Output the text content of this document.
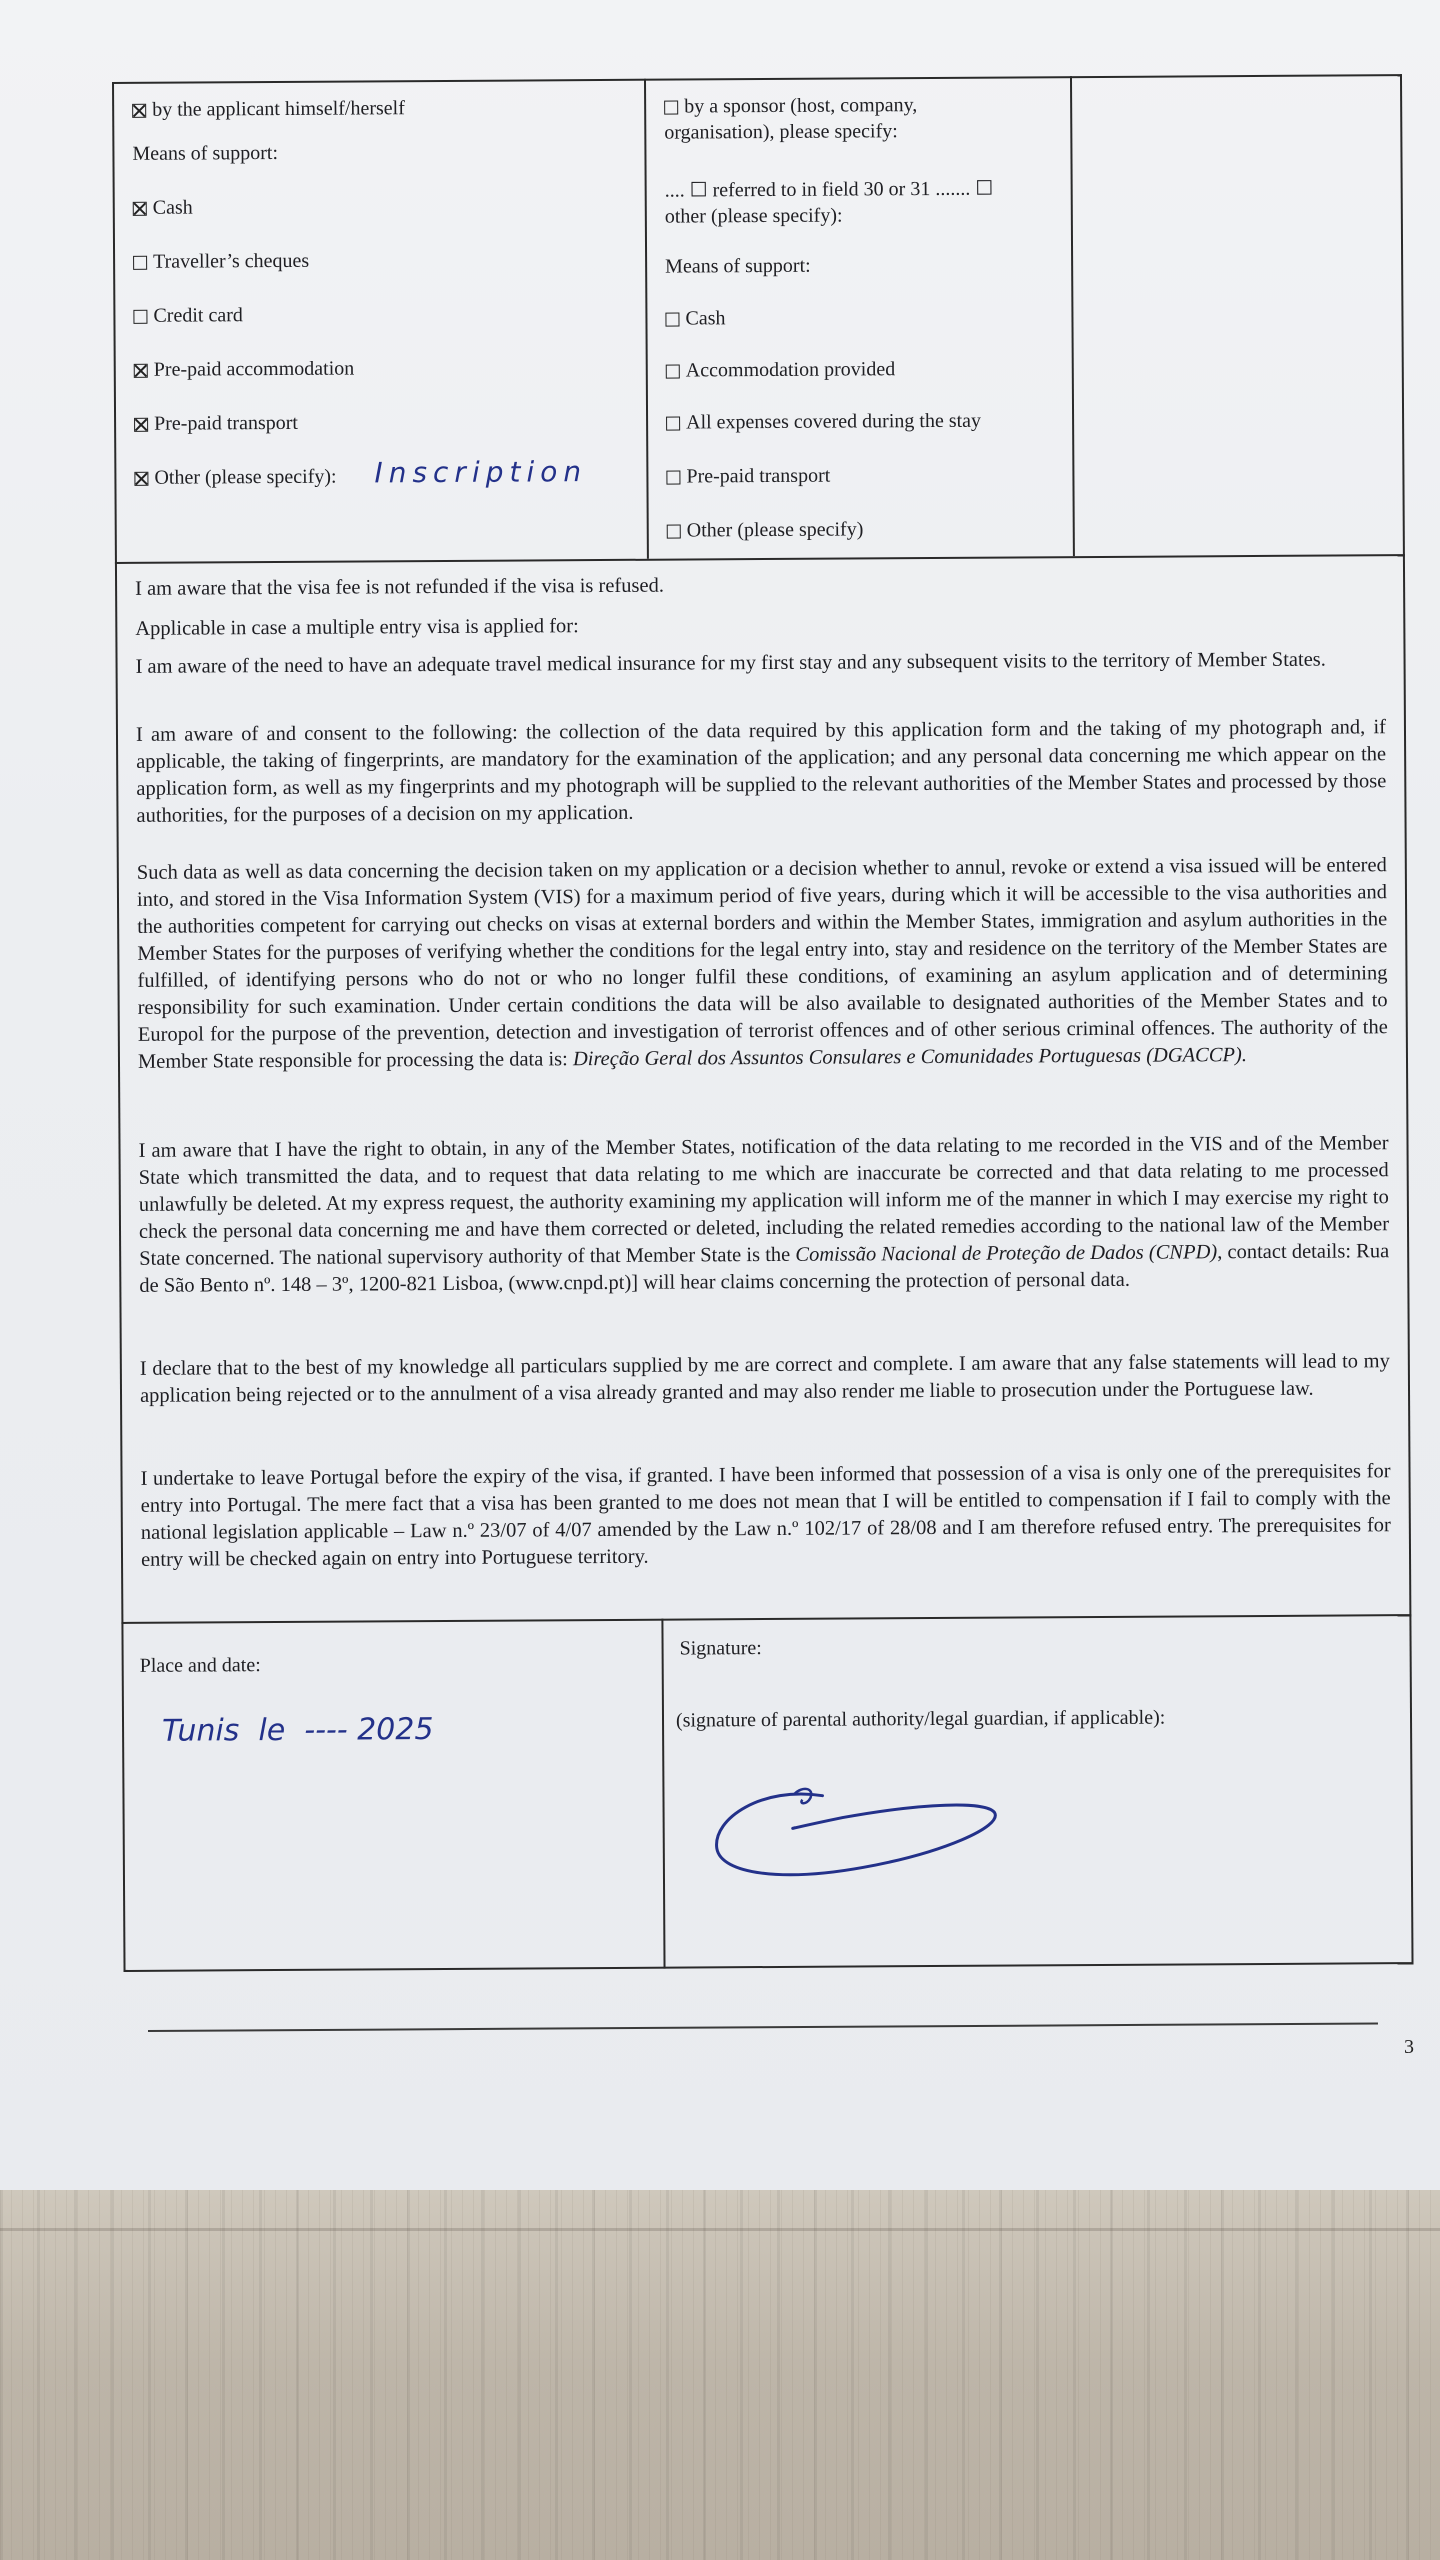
by the applicant himself/herself
Means of support:
Cash
Traveller’s cheques
Credit card
Pre-paid accommodation
Pre-paid transport
Other (please specify): Inscription
by a sponsor (host, company,
organisation), please specify:
.... ☐ referred to in field 30 or 31 ....... ☐
other (please specify):
Means of support:
Cash
Accommodation provided
All expenses covered during the stay
Pre-paid transport
Other (please specify)
I am aware that the visa fee is not refunded if the visa is refused.
Applicable in case a multiple entry visa is applied for:
I am aware of the need to have an adequate travel medical insurance for my first stay and any subsequent visits to the territory of Member States.
I am aware of and consent to the following: the collection of the data required by this application form and the taking of my photograph and, if applicable, the taking of fingerprints, are mandatory for the examination of the application; and any personal data concerning me which appear on the application form, as well as my fingerprints and my photograph will be supplied to the relevant authorities of the Member States and processed by those authorities, for the purposes of a decision on my application.
Such data as well as data concerning the decision taken on my application or a decision whether to annul, revoke or extend a visa issued will be entered into, and stored in the Visa Information System (VIS) for a maximum period of five years, during which it will be accessible to the visa authorities and the authorities competent for carrying out checks on visas at external borders and within the Member States, immigration and asylum authorities in the Member States for the purposes of verifying whether the conditions for the legal entry into, stay and residence on the territory of the Member States are fulfilled, of identifying persons who do not or who no longer fulfil these conditions, of examining an asylum application and of determining responsibility for such examination. Under certain conditions the data will be also available to designated authorities of the Member States and to Europol for the purpose of the prevention, detection and investigation of terrorist offences and of other serious criminal offences. The authority of the Member State responsible for processing the data is: Direção Geral dos Assuntos Consulares e Comunidades Portuguesas (DGACCP).
I am aware that I have the right to obtain, in any of the Member States, notification of the data relating to me recorded in the VIS and of the Member State which transmitted the data, and to request that data relating to me which are inaccurate be corrected and that data relating to me processed unlawfully be deleted. At my express request, the authority examining my application will inform me of the manner in which I may exercise my right to check the personal data concerning me and have them corrected or deleted, including the related remedies according to the national law of the Member State concerned. The national supervisory authority of that Member State is the Comissão Nacional de Proteção de Dados (CNPD), contact details: Rua de São Bento nº. 148 – 3º, 1200-821 Lisboa, (www.cnpd.pt)] will hear claims concerning the protection of personal data.
I declare that to the best of my knowledge all particulars supplied by me are correct and complete. I am aware that any false statements will lead to my application being rejected or to the annulment of a visa already granted and may also render me liable to prosecution under the Portuguese law.
I undertake to leave Portugal before the expiry of the visa, if granted. I have been informed that possession of a visa is only one of the prerequisites for entry into Portugal. The mere fact that a visa has been granted to me does not mean that I will be entitled to compensation if I fail to comply with the national legislation applicable – Law n.º 23/07 of 4/07 amended by the Law n.º 102/17 of 28/08 and I am therefore refused entry. The prerequisites for entry will be checked again on entry into Portuguese territory.
Place and date:
Tunis  le  ---- 2025
Signature:
(signature of parental authority/legal guardian, if applicable):
3
